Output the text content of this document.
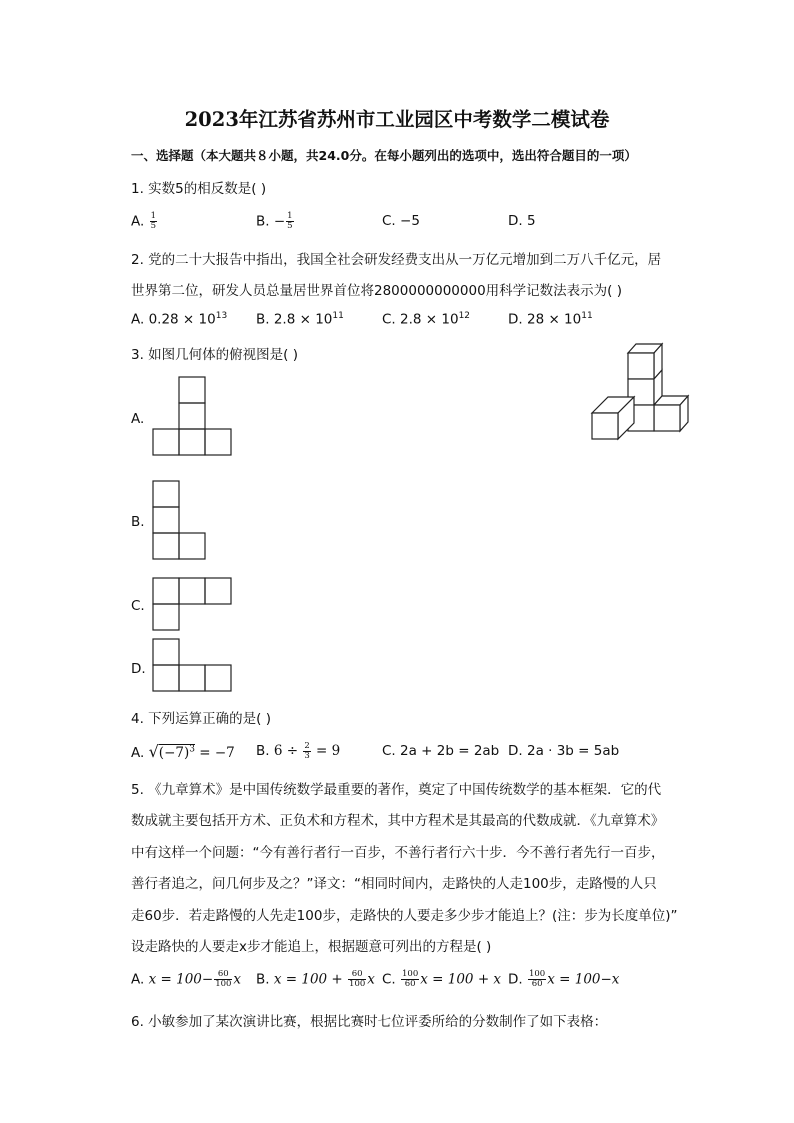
2023年江苏省苏州市工业园区中考数学二模试卷
一、选择题（本大题共８小题，共24.0分。在每小题列出的选项中，选出符合题目的一项）
1. 实数5的相反数是( )
A. $\frac{1}{5}$	B. − $\frac{1}{5}$	C. −5	D. 5
2. 党的二十大报告中指出，我国全社会研发经费支出从一万亿元增加到二万八千亿元，居
世界第二位，研发人员总量居世界首位将2800000000000用科学记数法表示为( )
A. $0.28 \times 10^{13}$ B. $2.8 \times 10^{11}$	C. $2.8 \times 10^{12}$	D. $28 \times 10^{11}$
3. 如图几何体的俯视图是( )
A.
B.
C.
D.
4. 下列运算正确的是( )
A. $√(-7)^3 = -7$ B. $6 \div \frac{2}{3} = 9$	C. 2a + 2b = 2ab D. 2a · 3b = 5ab
5. 《九章算术》是中国传统数学最重要的著作，奠定了中国传统数学的基本框架．它的代
数成就主要包括开方术、正负术和方程术，其中方程术是其最高的代数成就．《九章算术》
中有这样一个问题：“今有善行者行一百步，不善行者行六十步．今不善行者先行一百步，
善行者追之，问几何步及之？”译文：“相同时间内，走路快的人走100步，走路慢的人只
走60步．若走路慢的人先走100步，走路快的人要走多少步才能追上？(注：步为长度单位)”
设走路快的人要走x步才能追上，根据题意可列出的方程是( )
A. $x = 100- \frac{60}{100}$ x B. $x = 100 + \frac{60}{100}$ x C. $\frac{100}{60}$ x = 100 + x D. $\frac{100}{60}$ x = 100−x
6. 小敏参加了某次演讲比赛，根据比赛时七位评委所给的分数制作了如下表格：
